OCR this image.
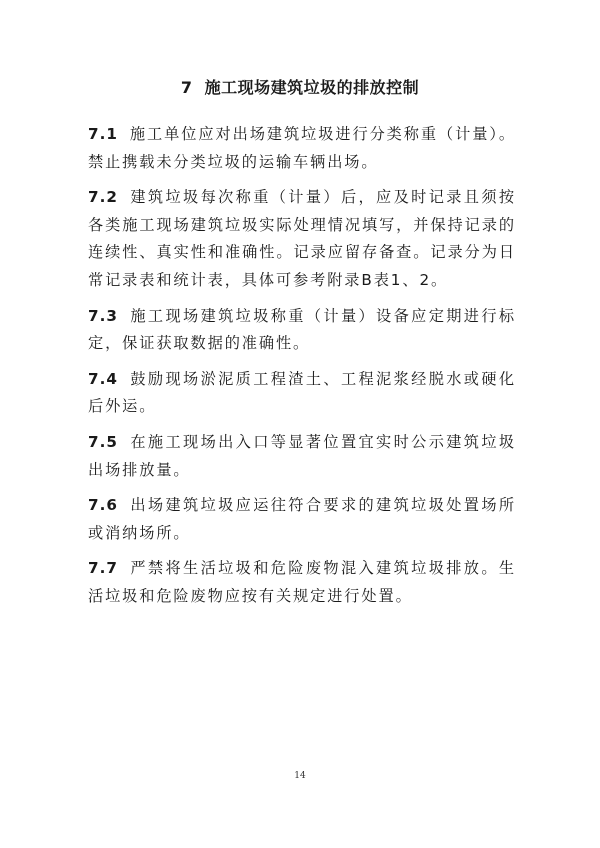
7 施工现场建筑垃圾的排放控制

7.1 施工单位应对出场建筑垃圾进行分类称重（计量）。禁止携载未分类垃圾的运输车辆出场。

7.2 建筑垃圾每次称重（计量）后，应及时记录且须按各类施工现场建筑垃圾实际处理情况填写，并保持记录的连续性、真实性和准确性。记录应留存备查。记录分为日常记录表和统计表，具体可参考附录B表1、2。

7.3 施工现场建筑垃圾称重（计量）设备应定期进行标定，保证获取数据的准确性。

7.4 鼓励现场淤泥质工程渣土、工程泥浆经脱水或硬化后外运。

7.5 在施工现场出入口等显著位置宜实时公示建筑垃圾出场排放量。

7.6 出场建筑垃圾应运往符合要求的建筑垃圾处置场所或消纳场所。

7.7 严禁将生活垃圾和危险废物混入建筑垃圾排放。生活垃圾和危险废物应按有关规定进行处置。

14
